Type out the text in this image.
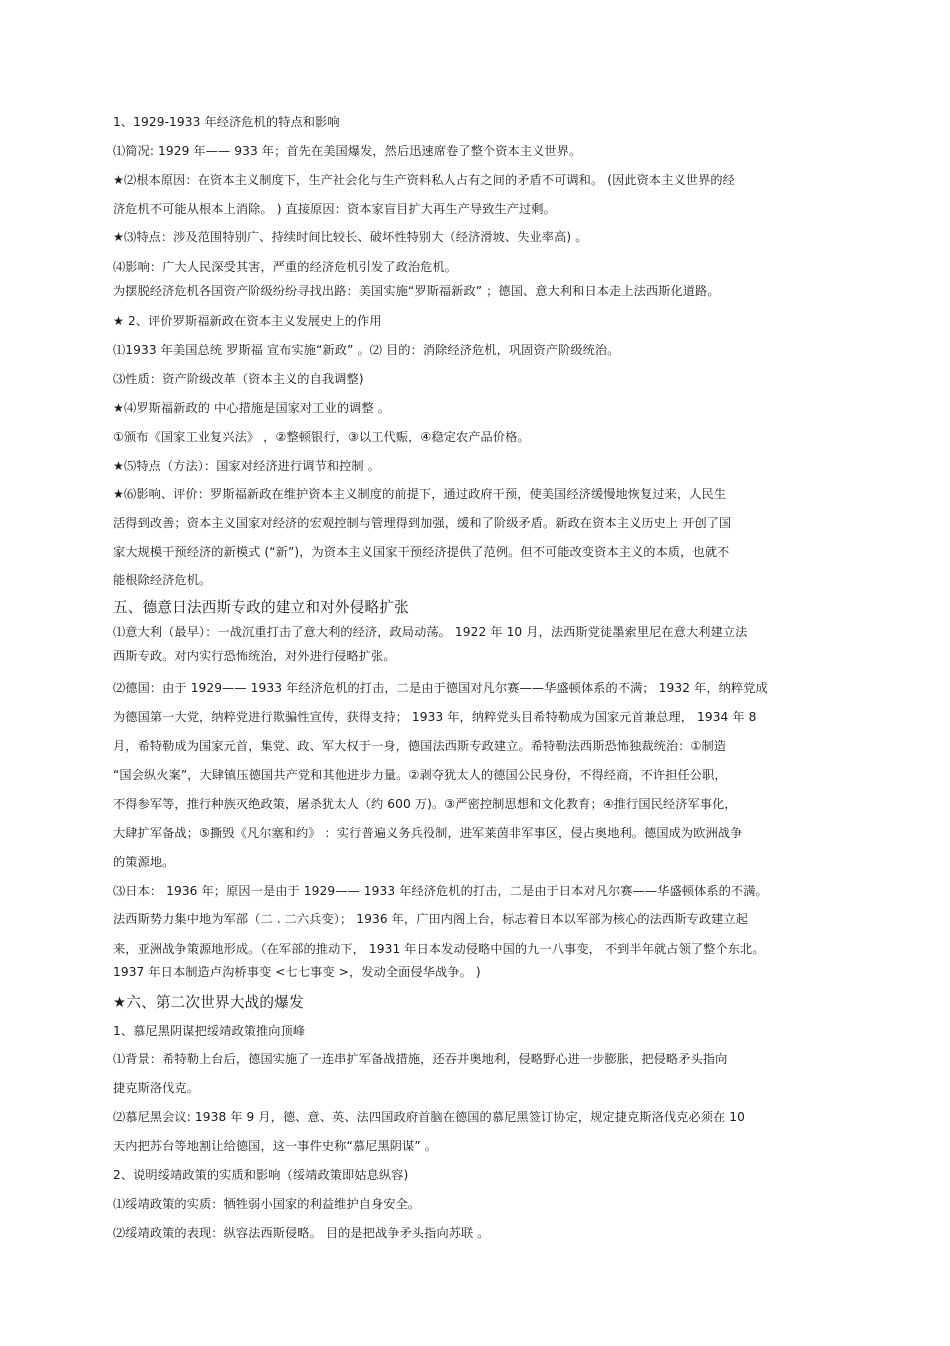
1、1929-1933 年经济危机的特点和影响
⑴简况: 1929 年—— 933 年；首先在美国爆发，然后迅速席卷了整个资本主义世界。
★⑵根本原因：在资本主义制度下，生产社会化与生产资料私人占有之间的矛盾不可调和。 (因此资本主义世界的经
济危机不可能从根本上消除。 ) 直接原因：资本家盲目扩大再生产导致生产过剩。
★⑶特点：涉及范围特别广、持续时间比较长、破坏性特别大（经济滑坡、失业率高) 。
⑷影响：广大人民深受其害，严重的经济危机引发了政治危机。
为摆脱经济危机各国资产阶级纷纷寻找出路：美国实施“罗斯福新政” ；德国、意大利和日本走上法西斯化道路。
★ 2、评价罗斯福新政在资本主义发展史上的作用
⑴1933 年美国总统 罗斯福 宣布实施“新政” 。⑵ 目的：消除经济危机，巩固资产阶级统治。
⑶性质：资产阶级改革（资本主义的自我调整)
★⑷罗斯福新政的 中心措施是国家对工业的调整 。
①颁布《国家工业复兴法》 ，②整顿银行，③以工代赈，④稳定农产品价格。
★⑸特点（方法）：国家对经济进行调节和控制 。
★⑹影响、评价：罗斯福新政在维护资本主义制度的前提下，通过政府干预，使美国经济缓慢地恢复过来，人民生
活得到改善；资本主义国家对经济的宏观控制与管理得到加强，缓和了阶级矛盾。新政在资本主义历史上 开创了国
家大规模干预经济的新模式 (“新”)，为资本主义国家干预经济提供了范例。但不可能改变资本主义的本质，也就不
能根除经济危机。
五、德意日法西斯专政的建立和对外侵略扩张
⑴意大利（最早）：一战沉重打击了意大利的经济，政局动荡。 1922 年 10 月，法西斯党徒墨索里尼在意大利建立法
西斯专政。对内实行恐怖统治，对外进行侵略扩张。
⑵德国：由于 1929—— 1933 年经济危机的打击，二是由于德国对凡尔赛——华盛顿体系的不满； 1932 年，纳粹党成
为德国第一大党，纳粹党进行欺骗性宣传，获得支持； 1933 年，纳粹党头目希特勒成为国家元首兼总理， 1934 年 8
月，希特勒成为国家元首，集党、政、军大权于一身，德国法西斯专政建立。希特勒法西斯恐怖独裁统治：①制造
“国会纵火案”，大肆镇压德国共产党和其他进步力量。②剥夺犹太人的德国公民身份，不得经商，不许担任公职，
不得参军等，推行种族灭绝政策，屠杀犹太人（约 600 万)。③严密控制思想和文化教育；④推行国民经济军事化，
大肆扩军备战；⑤撕毁《凡尔塞和约》 ：实行普遍义务兵役制，进军莱茵非军事区，侵占奥地利。德国成为欧洲战争
的策源地。
⑶日本： 1936 年；原因一是由于 1929—— 1933 年经济危机的打击，二是由于日本对凡尔赛——华盛顿体系的不满。
法西斯势力集中地为军部（二 . 二六兵变）； 1936 年，广田内阁上台，标志着日本以军部为核心的法西斯专政建立起
来，亚洲战争策源地形成。（在军部的推动下， 1931 年日本发动侵略中国的九一八事变， 不到半年就占领了整个东北。
1937 年日本制造卢沟桥事变 <七七事变 >，发动全面侵华战争。 )
★六、第二次世界大战的爆发
1、慕尼黑阴谋把绥靖政策推向顶峰
⑴背景：希特勒上台后，德国实施了一连串扩军备战措施，还吞并奥地利，侵略野心进一步膨胀，把侵略矛头指向
捷克斯洛伐克。
⑵慕尼黑会议: 1938 年 9 月，德、意、英、法四国政府首脑在德国的慕尼黑签订协定，规定捷克斯洛伐克必须在 10
天内把苏台等地割让给德国，这一事件史称“慕尼黑阴谋” 。
2、说明绥靖政策的实质和影响（绥靖政策即姑息纵容)
⑴绥靖政策的实质：牺牲弱小国家的利益维护自身安全。
⑵绥靖政策的表现：纵容法西斯侵略。 目的是把战争矛头指向苏联 。
